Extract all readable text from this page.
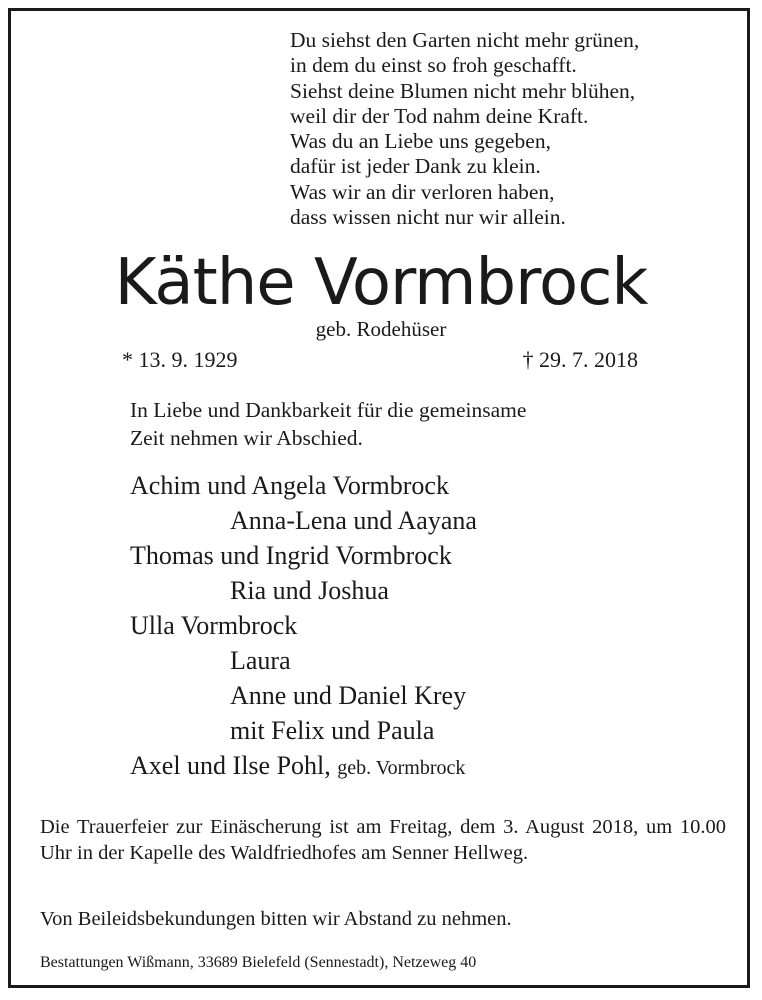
Du siehst den Garten nicht mehr grünen,
in dem du einst so froh geschafft.
Siehst deine Blumen nicht mehr blühen,
weil dir der Tod nahm deine Kraft.
Was du an Liebe uns gegeben,
dafür ist jeder Dank zu klein.
Was wir an dir verloren haben,
dass wissen nicht nur wir allein.
Käthe Vormbrock
geb. Rodehüser
* 13. 9. 1929	† 29. 7. 2018
In Liebe und Dankbarkeit für die gemeinsame
Zeit nehmen wir Abschied.
Achim und Angela Vormbrock
Anna-Lena und Aayana
Thomas und Ingrid Vormbrock
Ria und Joshua
Ulla Vormbrock
Laura
Anne und Daniel Krey
mit Felix und Paula
Axel und Ilse Pohl, geb. Vormbrock
Die Trauerfeier zur Einäscherung ist am Freitag, dem 3. August 2018, um 10.00 Uhr in der Kapelle des Waldfriedhofes am Senner Hellweg.
Von Beileidsbekundungen bitten wir Abstand zu nehmen.
Bestattungen Wißmann, 33689 Bielefeld (Sennestadt), Netzeweg 40
